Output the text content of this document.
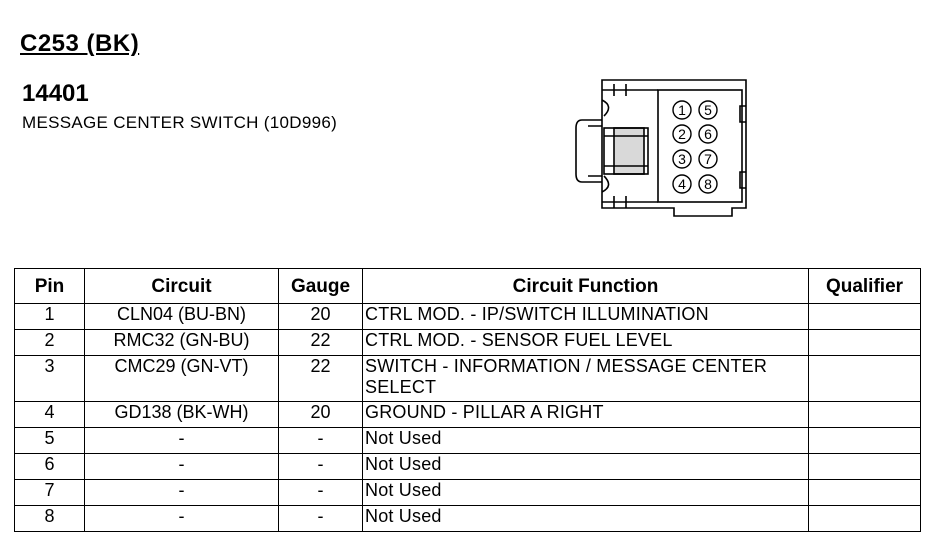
C253 (BK)
14401
MESSAGE CENTER SWITCH (10D996)
1
2
3
4
5
6
7
8
Pin	Circuit	Gauge	Circuit Function	Qualifier
1	CLN04 (BU-BN)	20	CTRL MOD. - IP/SWITCH ILLUMINATION	
2	RMC32 (GN-BU)	22	CTRL MOD. - SENSOR FUEL LEVEL	
3	CMC29 (GN-VT)	22	SWITCH - INFORMATION / MESSAGE CENTER SELECT	
4	GD138 (BK-WH)	20	GROUND - PILLAR A RIGHT	
5	-	-	Not Used	
6	-	-	Not Used	
7	-	-	Not Used	
8	-	-	Not Used	
